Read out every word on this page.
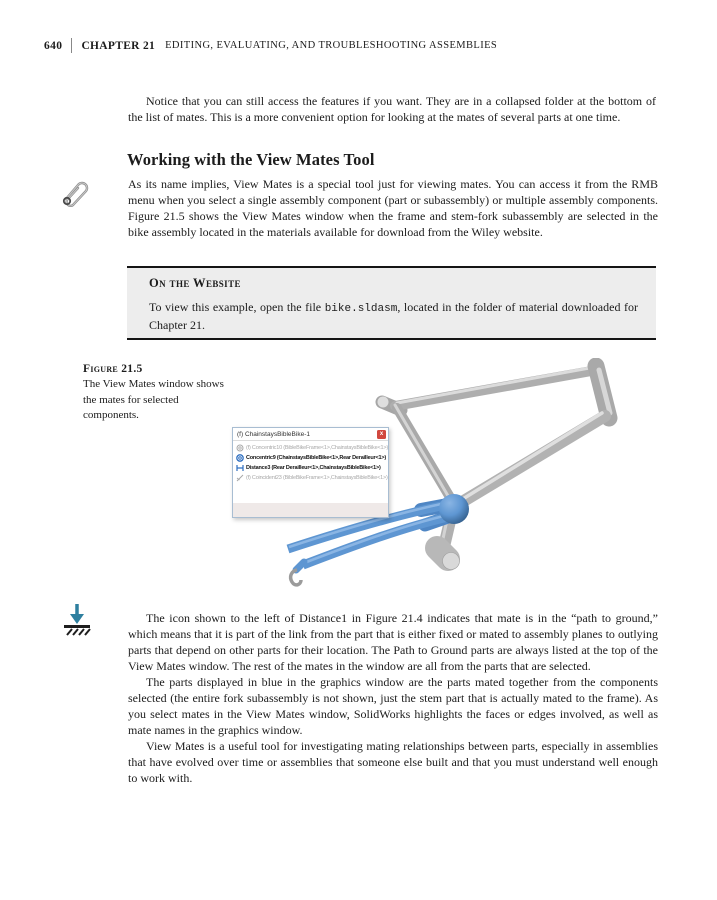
640 CHAPTER 21 EDITING, EVALUATING, AND TROUBLESHOOTING ASSEMBLIES

Notice that you can still access the features if you want. They are in a collapsed folder at the bottom of the list of mates. This is a more convenient option for looking at the mates of several parts at one time.

Working with the View Mates Tool

As its name implies, View Mates is a special tool just for viewing mates. You can access it from the RMB menu when you select a single assembly component (part or subassembly) or multiple assembly components. Figure 21.5 shows the View Mates window when the frame and stem-fork subassembly are selected in the bike assembly located in the materials available for download from the Wiley website.

On the Website

To view this example, open the file bike.sldasm, located in the folder of material downloaded for Chapter 21.

Figure 21.5
The View Mates window shows the mates for selected components.
(f) ChainstaysBibleBike-1	x
(f) Concentric10 (BibleBikeFrame<1>,ChainstaysBibleBike<1>)
Concentric9 (ChainstaysBibleBike<1>,Rear Derailleur<1>)
Distance3 (Rear Derailleur<1>,ChainstaysBibleBike<1>)
(f) Coincident23 (BibleBikeFrame<1>,ChainstaysBibleBike<1>)

The icon shown to the left of Distance1 in Figure 21.4 indicates that mate is in the “path to ground,” which means that it is part of the link from the part that is either fixed or mated to assembly planes to outlying parts that depend on other parts for their location. The Path to Ground parts are always listed at the top of the View Mates window. The rest of the mates in the window are all from the parts that are selected.

The parts displayed in blue in the graphics window are the parts mated together from the components selected (the entire fork subassembly is not shown, just the stem part that is actually mated to the frame). As you select mates in the View Mates window, SolidWorks highlights the faces or edges involved, as well as mate names in the graphics window.

View Mates is a useful tool for investigating mating relationships between parts, especially in assemblies that have evolved over time or assemblies that someone else built and that you must understand well enough to work with.
